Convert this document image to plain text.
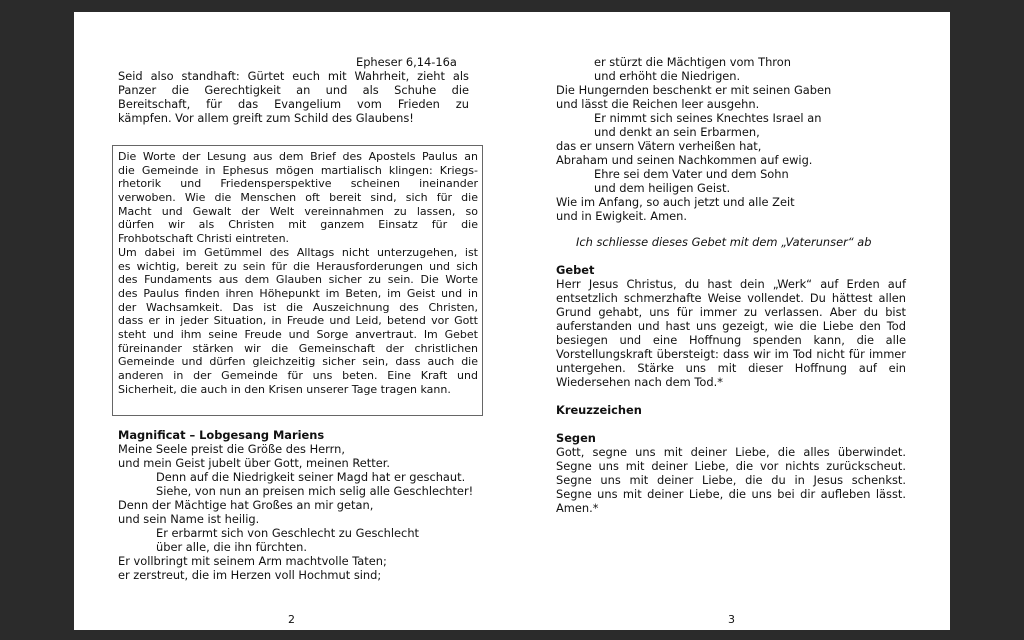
Epheser 6,14-16a
Seid also standhaft: Gürtet euch mit Wahrheit, zieht als
Panzer die Gerechtigkeit an und als Schuhe die
Bereitschaft, für das Evangelium vom Frieden zu
kämpfen. Vor allem greift zum Schild des Glaubens!
Die Worte der Lesung aus dem Brief des Apostels Paulus an
die Gemeinde in Ephesus mögen martialisch klingen: Kriegs-
rhetorik und Friedensperspektive scheinen ineinander
verwoben. Wie die Menschen oft bereit sind, sich für die
Macht und Gewalt der Welt vereinnahmen zu lassen, so
dürfen wir als Christen mit ganzem Einsatz für die
Frohbotschaft Christi eintreten.
Um dabei im Getümmel des Alltags nicht unterzugehen, ist
es wichtig, bereit zu sein für die Herausforderungen und sich
des Fundaments aus dem Glauben sicher zu sein. Die Worte
des Paulus finden ihren Höhepunkt im Beten, im Geist und in
der Wachsamkeit. Das ist die Auszeichnung des Christen,
dass er in jeder Situation, in Freude und Leid, betend vor Gott
steht und ihm seine Freude und Sorge anvertraut. Im Gebet
füreinander stärken wir die Gemeinschaft der christlichen
Gemeinde und dürfen gleichzeitig sicher sein, dass auch die
anderen in der Gemeinde für uns beten. Eine Kraft und
Sicherheit, die auch in den Krisen unserer Tage tragen kann.
Magnificat – Lobgesang Mariens
Meine Seele preist die Größe des Herrn,
und mein Geist jubelt über Gott, meinen Retter.
Denn auf die Niedrigkeit seiner Magd hat er geschaut.
Siehe, von nun an preisen mich selig alle Geschlechter!
Denn der Mächtige hat Großes an mir getan,
und sein Name ist heilig.
Er erbarmt sich von Geschlecht zu Geschlecht
über alle, die ihn fürchten.
Er vollbringt mit seinem Arm machtvolle Taten;
er zerstreut, die im Herzen voll Hochmut sind;
2
er stürzt die Mächtigen vom Thron
und erhöht die Niedrigen.
Die Hungernden beschenkt er mit seinen Gaben
und lässt die Reichen leer ausgehn.
Er nimmt sich seines Knechtes Israel an
und denkt an sein Erbarmen,
das er unsern Vätern verheißen hat,
Abraham und seinen Nachkommen auf ewig.
Ehre sei dem Vater und dem Sohn
und dem heiligen Geist.
Wie im Anfang, so auch jetzt und alle Zeit
und in Ewigkeit. Amen.
Ich schliesse dieses Gebet mit dem „Vaterunser“ ab
Gebet
Herr Jesus Christus, du hast dein „Werk“ auf Erden auf
entsetzlich schmerzhafte Weise vollendet. Du hättest allen
Grund gehabt, uns für immer zu verlassen. Aber du bist
auferstanden und hast uns gezeigt, wie die Liebe den Tod
besiegen und eine Hoffnung spenden kann, die alle
Vorstellungskraft übersteigt: dass wir im Tod nicht für immer
untergehen. Stärke uns mit dieser Hoffnung auf ein
Wiedersehen nach dem Tod.*
Kreuzzeichen
Segen
Gott, segne uns mit deiner Liebe, die alles überwindet.
Segne uns mit deiner Liebe, die vor nichts zurückscheut.
Segne uns mit deiner Liebe, die du in Jesus schenkst.
Segne uns mit deiner Liebe, die uns bei dir aufleben lässt.
Amen.*
3
